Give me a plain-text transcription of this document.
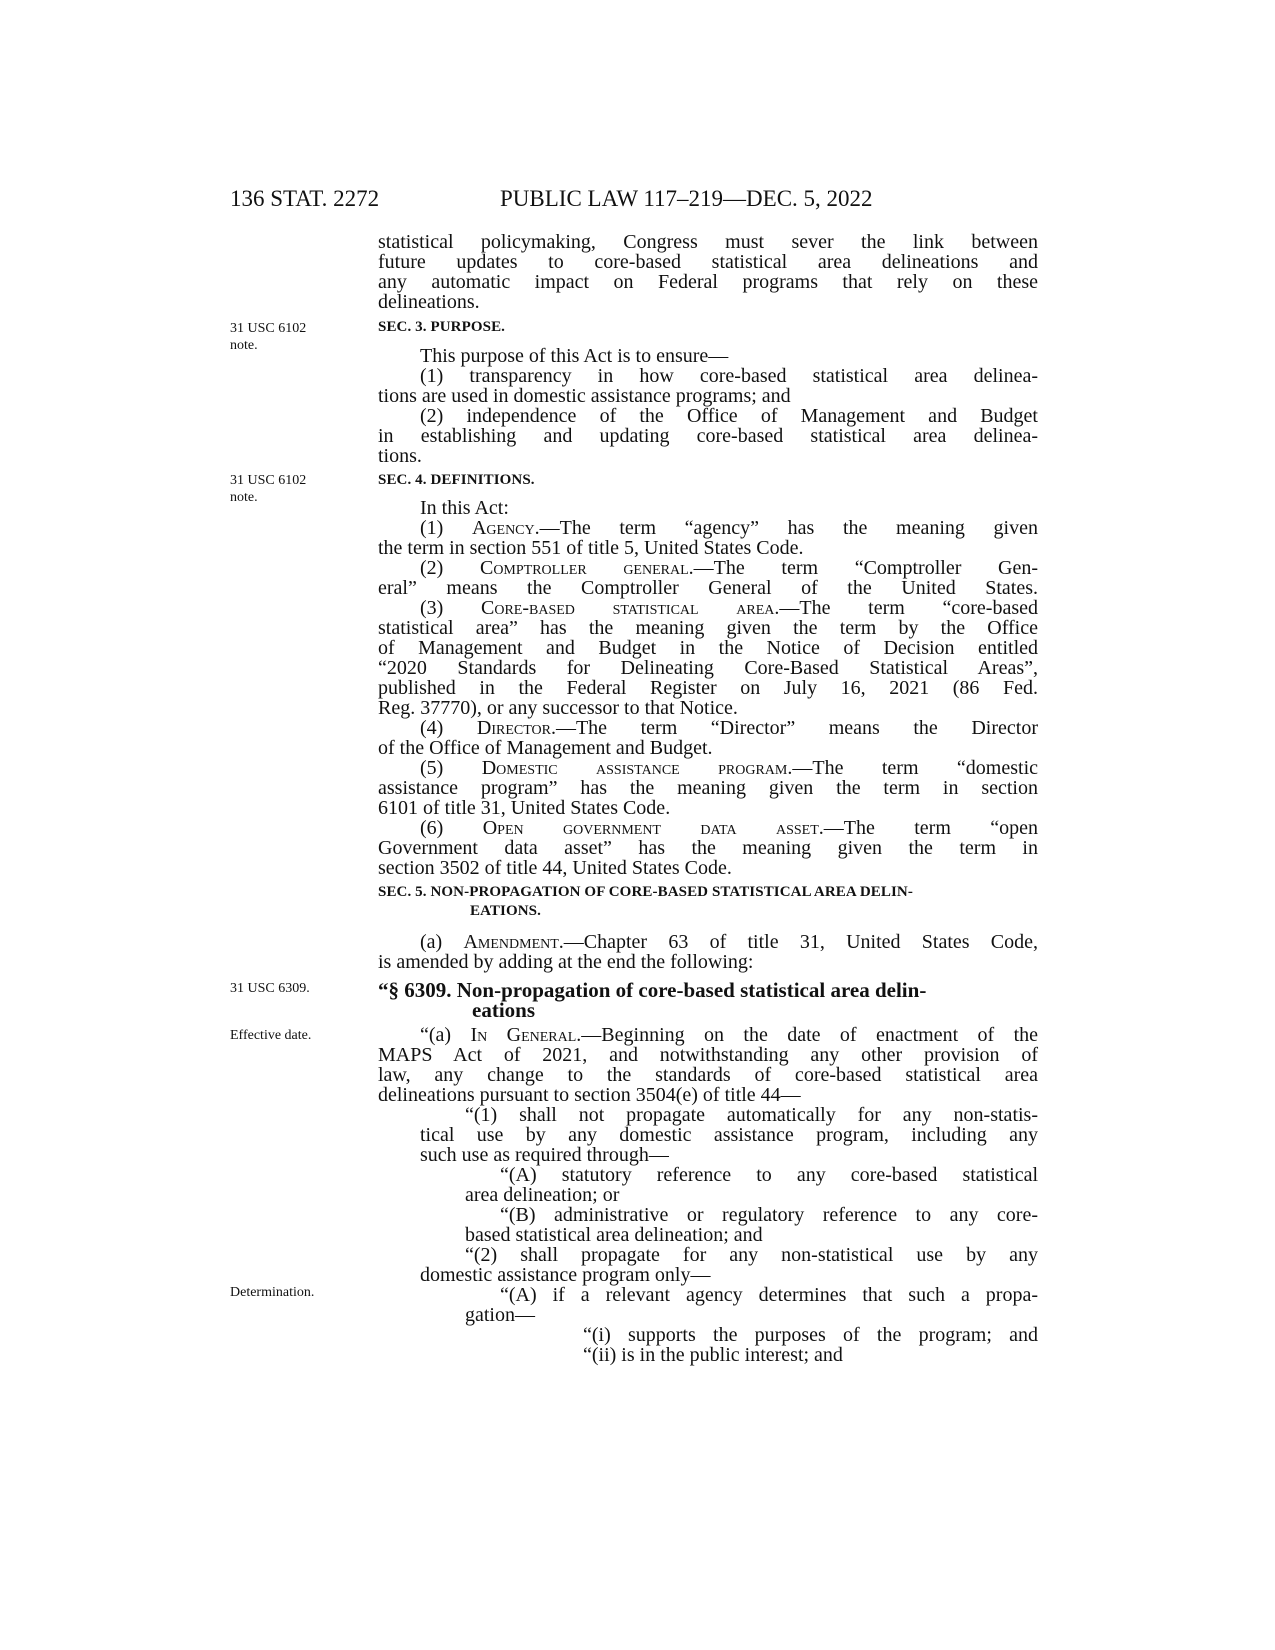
136 STAT. 2272	PUBLIC LAW 117–219—DEC. 5, 2022
31 USC 6102
note.
31 USC 6102
note.
31 USC 6309.
Effective date.
Determination.
statistical policymaking, Congress must sever the link between
future updates to core-based statistical area delineations and
any automatic impact on Federal programs that rely on these
delineations.
SEC. 3. PURPOSE.
This purpose of this Act is to ensure—
(1) transparency in how core-based statistical area delinea-
tions are used in domestic assistance programs; and
(2) independence of the Office of Management and Budget
in establishing and updating core-based statistical area delinea-
tions.
SEC. 4. DEFINITIONS.
In this Act:
(1) Agency.—The term “agency” has the meaning given
the term in section 551 of title 5, United States Code.
(2) Comptroller general.—The term “Comptroller Gen-
eral” means the Comptroller General of the United States.
(3) Core-based statistical area.—The term “core-based
statistical area” has the meaning given the term by the Office
of Management and Budget in the Notice of Decision entitled
“2020 Standards for Delineating Core-Based Statistical Areas”,
published in the Federal Register on July 16, 2021 (86 Fed.
Reg. 37770), or any successor to that Notice.
(4) Director.—The term “Director” means the Director
of the Office of Management and Budget.
(5) Domestic assistance program.—The term “domestic
assistance program” has the meaning given the term in section
6101 of title 31, United States Code.
(6) Open government data asset.—The term “open
Government data asset” has the meaning given the term in
section 3502 of title 44, United States Code.
SEC. 5. NON-PROPAGATION OF CORE-BASED STATISTICAL AREA DELIN-
EATIONS.
(a) Amendment.—Chapter 63 of title 31, United States Code,
is amended by adding at the end the following:
“§ 6309. Non-propagation of core-based statistical area delin-
eations
“(a) In General.—Beginning on the date of enactment of the
MAPS Act of 2021, and notwithstanding any other provision of
law, any change to the standards of core-based statistical area
delineations pursuant to section 3504(e) of title 44—
“(1) shall not propagate automatically for any non-statis-
tical use by any domestic assistance program, including any
such use as required through—
“(A) statutory reference to any core-based statistical
area delineation; or
“(B) administrative or regulatory reference to any core-
based statistical area delineation; and
“(2) shall propagate for any non-statistical use by any
domestic assistance program only—
“(A) if a relevant agency determines that such a propa-
gation—
“(i) supports the purposes of the program; and
“(ii) is in the public interest; and
